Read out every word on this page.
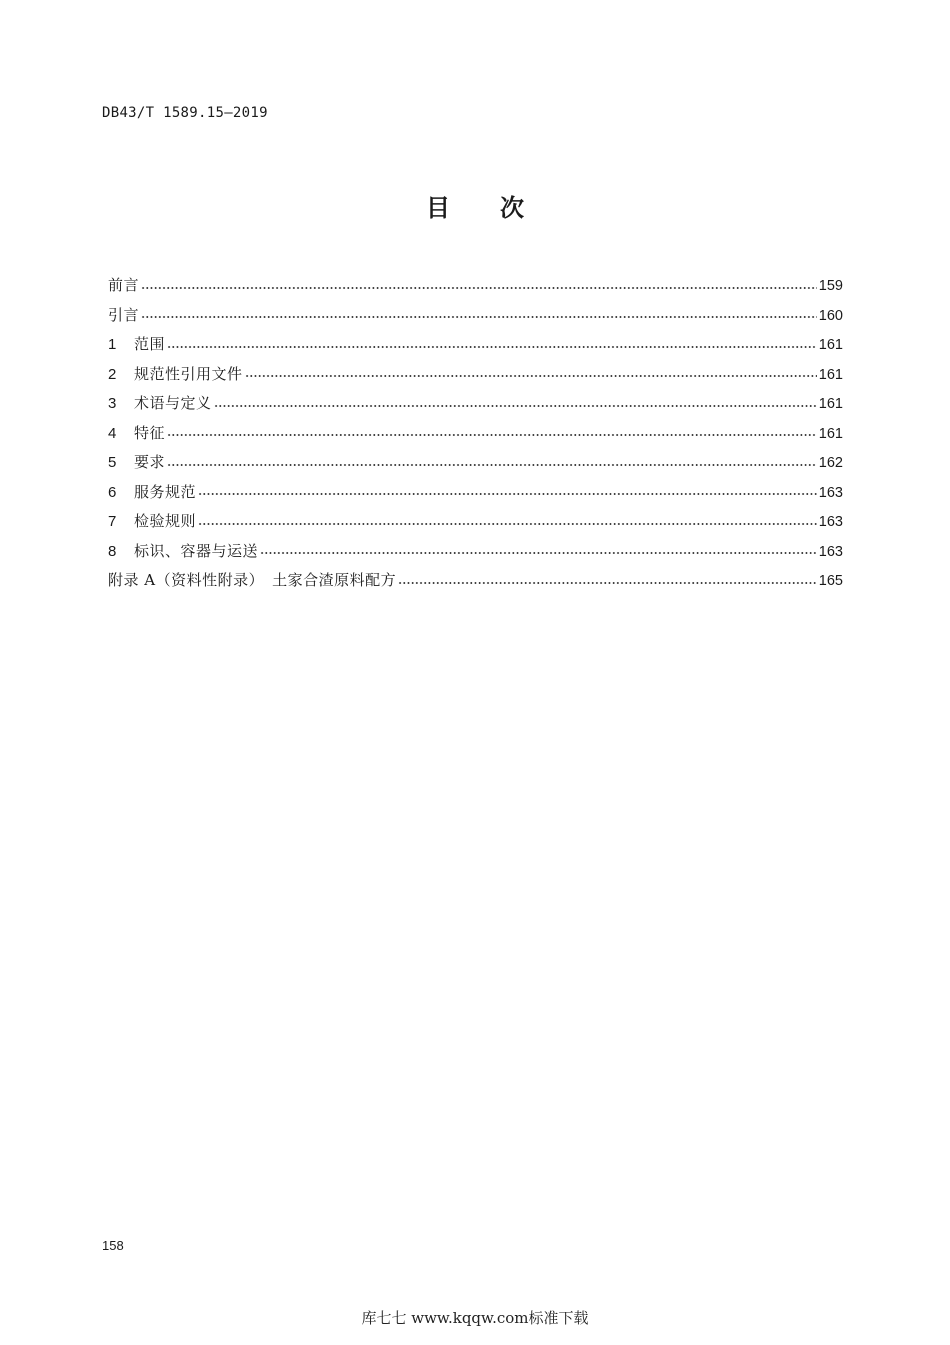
DB43/T 1589.15—2019
目 次
前言	159
引言	160
1	范围	161
2	规范性引用文件	161
3	术语与定义	161
4	特征	161
5	要求	162
6	服务规范	163
7	检验规则	163
8	标识、容器与运送	163
附录 A（资料性附录）　土家合渣原料配方	165
158
库七七 www.kqqw.com标准下载
